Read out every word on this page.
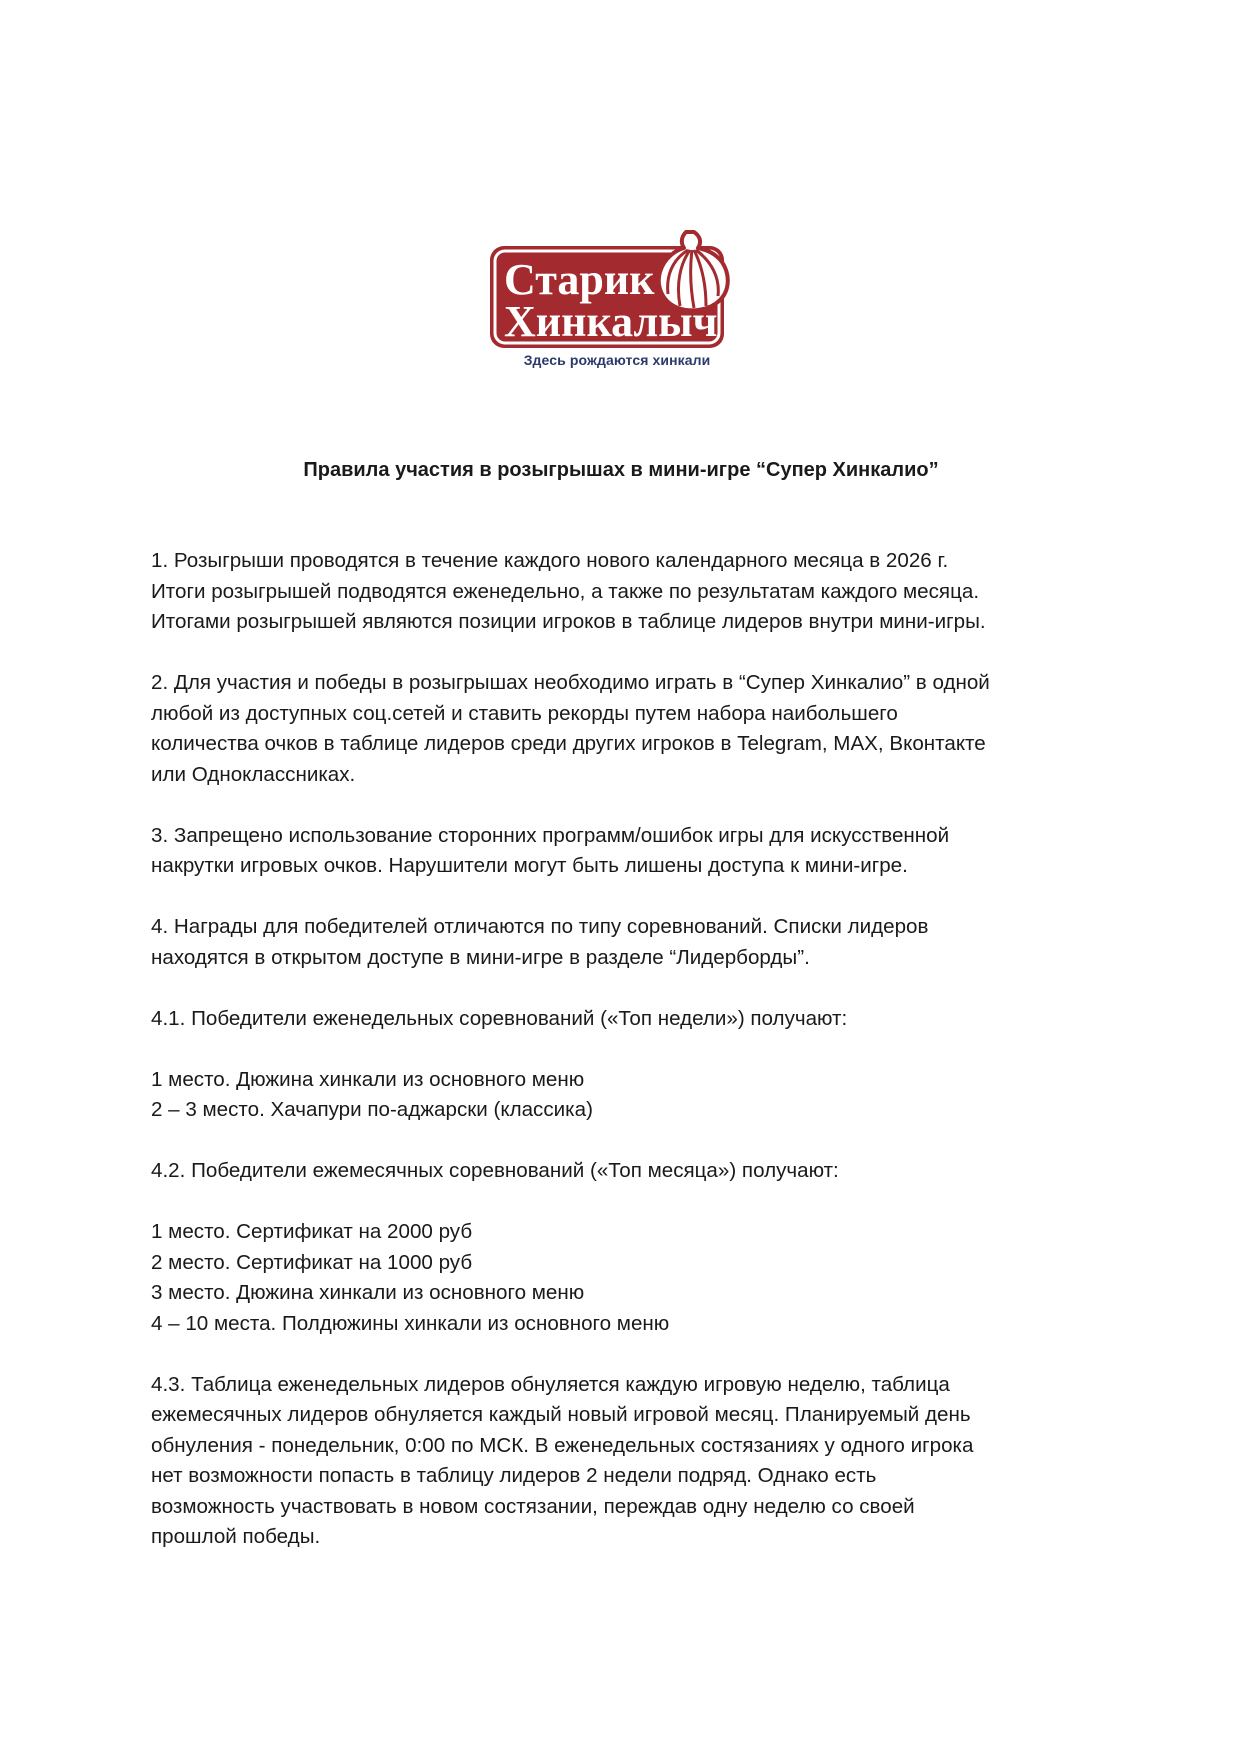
Старик
Хинкалыч
Здесь рождаются хинкали
Правила участия в розыгрышах в мини-игре “Супер Хинкалио”

1. Розыгрыши проводятся в течение каждого нового календарного месяца в 2026 г.
Итоги розыгрышей подводятся еженедельно, а также по результатам каждого месяца.
Итогами розыгрышей являются позиции игроков в таблице лидеров внутри мини-игры.

2. Для участия и победы в розыгрышах необходимо играть в “Супер Хинкалио” в одной
любой из доступных соц.сетей и ставить рекорды путем набора наибольшего
количества очков в таблице лидеров среди других игроков в Telegram, MAX, Вконтакте
или Одноклассниках.

3. Запрещено использование сторонних программ/ошибок игры для искусственной
накрутки игровых очков. Нарушители могут быть лишены доступа к мини-игре.

4. Награды для победителей отличаются по типу соревнований. Списки лидеров
находятся в открытом доступе в мини-игре в разделе “Лидерборды”.

4.1. Победители еженедельных соревнований («Топ недели») получают:

1 место. Дюжина хинкали из основного меню
2 – 3 место. Хачапури по-аджарски (классика)

4.2. Победители ежемесячных соревнований («Топ месяца») получают:

1 место. Сертификат на 2000 руб
2 место. Сертификат на 1000 руб
3 место. Дюжина хинкали из основного меню
4 – 10 места. Полдюжины хинкали из основного меню

4.3. Таблица еженедельных лидеров обнуляется каждую игровую неделю, таблица
ежемесячных лидеров обнуляется каждый новый игровой месяц. Планируемый день
обнуления - понедельник, 0:00 по МСК. В еженедельных состязаниях у одного игрока
нет возможности попасть в таблицу лидеров 2 недели подряд. Однако есть
возможность участвовать в новом состязании, переждав одну неделю со своей
прошлой победы.
